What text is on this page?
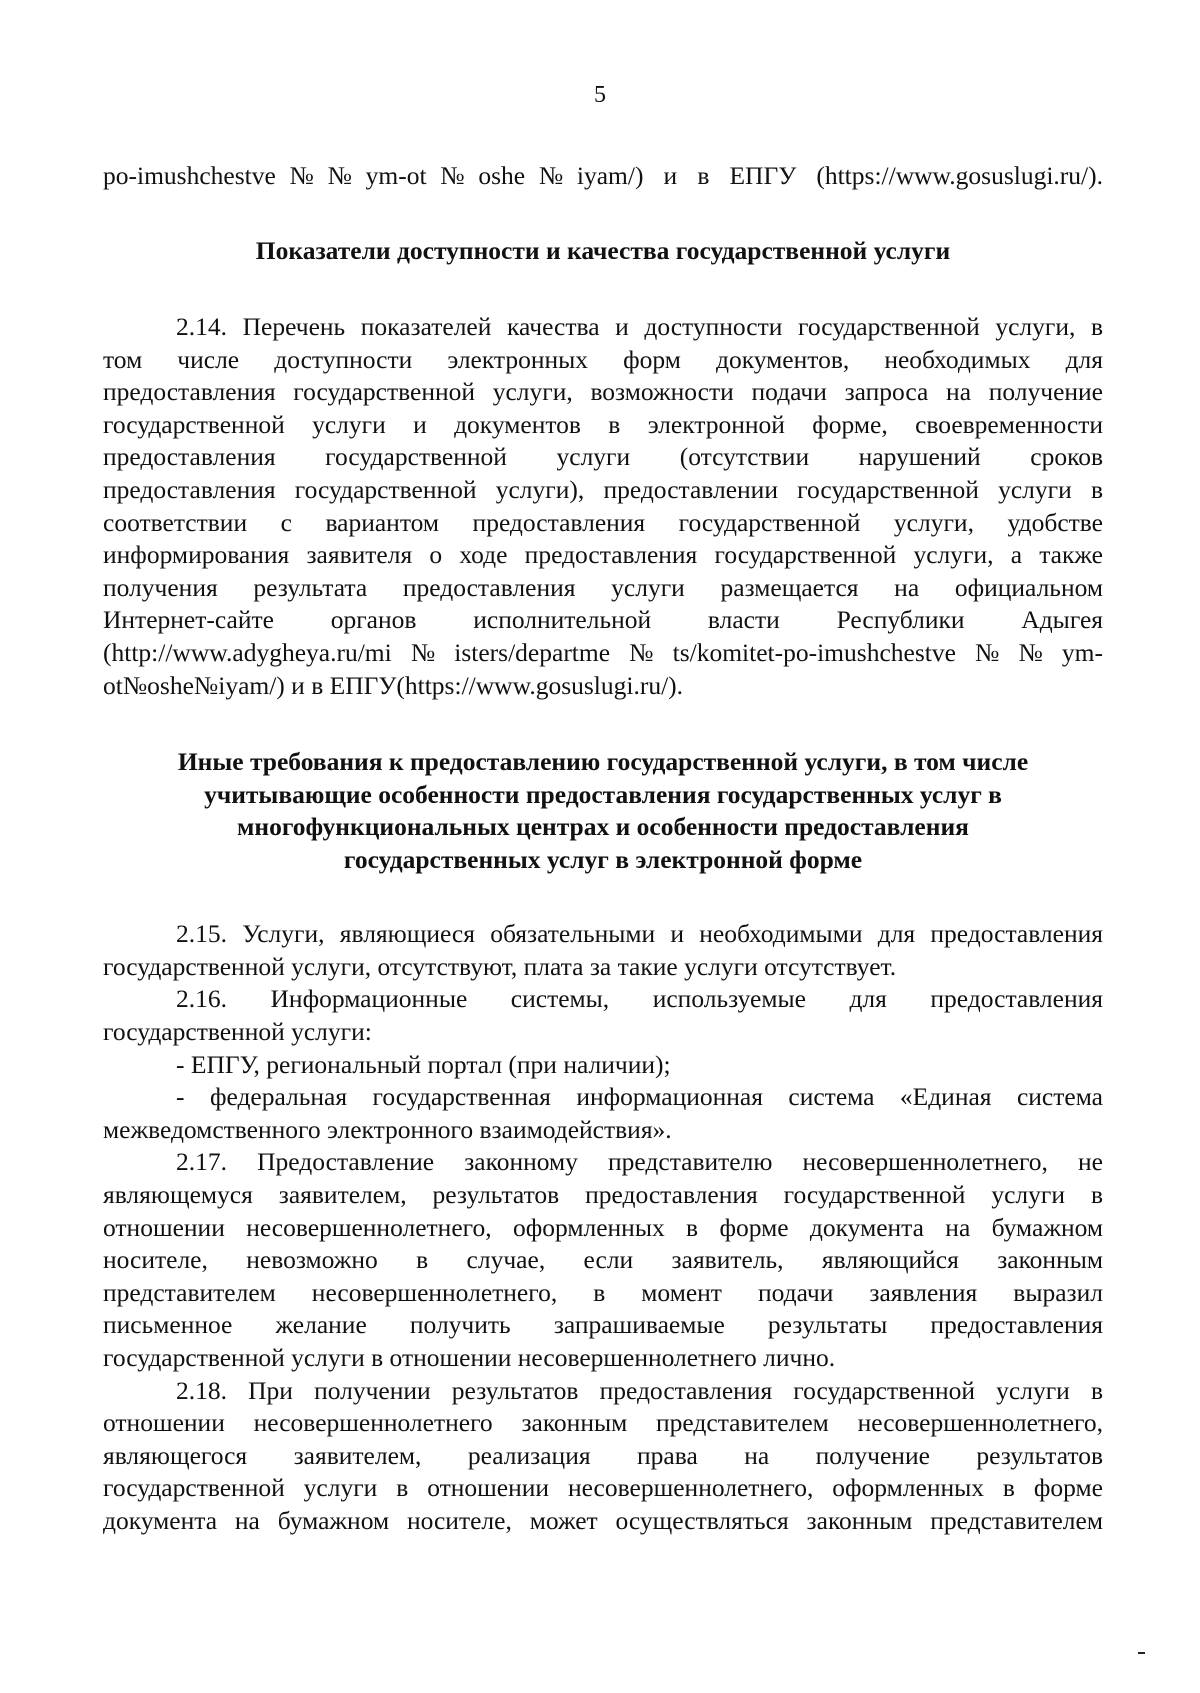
5
po-imushchestve№№ym-ot№oshe№iyam/) и в ЕПГУ (https://www.gosuslugi.ru/).
Показатели доступности и качества государственной услуги
2.14. Перечень показателей качества и доступности государственной услуги, в
том числе доступности электронных форм документов, необходимых для
предоставления государственной услуги, возможности подачи запроса на получение
государственной услуги и документов в электронной форме, своевременности
предоставления государственной услуги (отсутствии нарушений сроков
предоставления государственной услуги), предоставлении государственной услуги в
соответствии с вариантом предоставления государственной услуги, удобстве
информирования заявителя о ходе предоставления государственной услуги, а также
получения результата предоставления услуги размещается на официальном
Интернет-сайте органов исполнительной власти Республики Адыгея
(http://www.adygheya.ru/mi№isters/departme№ts/komitet-po-imushchestve№№ym-
ot№oshe№iyam/) и в ЕПГУ(https://www.gosuslugi.ru/).
Иные требования к предоставлению государственной услуги, в том числе
учитывающие особенности предоставления государственных услуг в
многофункциональных центрах и особенности предоставления
государственных услуг в электронной форме
2.15. Услуги, являющиеся обязательными и необходимыми для предоставления
государственной услуги, отсутствуют, плата за такие услуги отсутствует.
2.16. Информационные системы, используемые для предоставления
государственной услуги:
- ЕПГУ, региональный портал (при наличии);
- федеральная государственная информационная система «Единая система
межведомственного электронного взаимодействия».
2.17. Предоставление законному представителю несовершеннолетнего, не
являющемуся заявителем, результатов предоставления государственной услуги в
отношении несовершеннолетнего, оформленных в форме документа на бумажном
носителе, невозможно в случае, если заявитель, являющийся законным
представителем несовершеннолетнего, в момент подачи заявления выразил
письменное желание получить запрашиваемые результаты предоставления
государственной услуги в отношении несовершеннолетнего лично.
2.18. При получении результатов предоставления государственной услуги в
отношении несовершеннолетнего законным представителем несовершеннолетнего,
являющегося заявителем, реализация права на получение результатов
государственной услуги в отношении несовершеннолетнего, оформленных в форме
документа на бумажном носителе, может осуществляться законным представителем
